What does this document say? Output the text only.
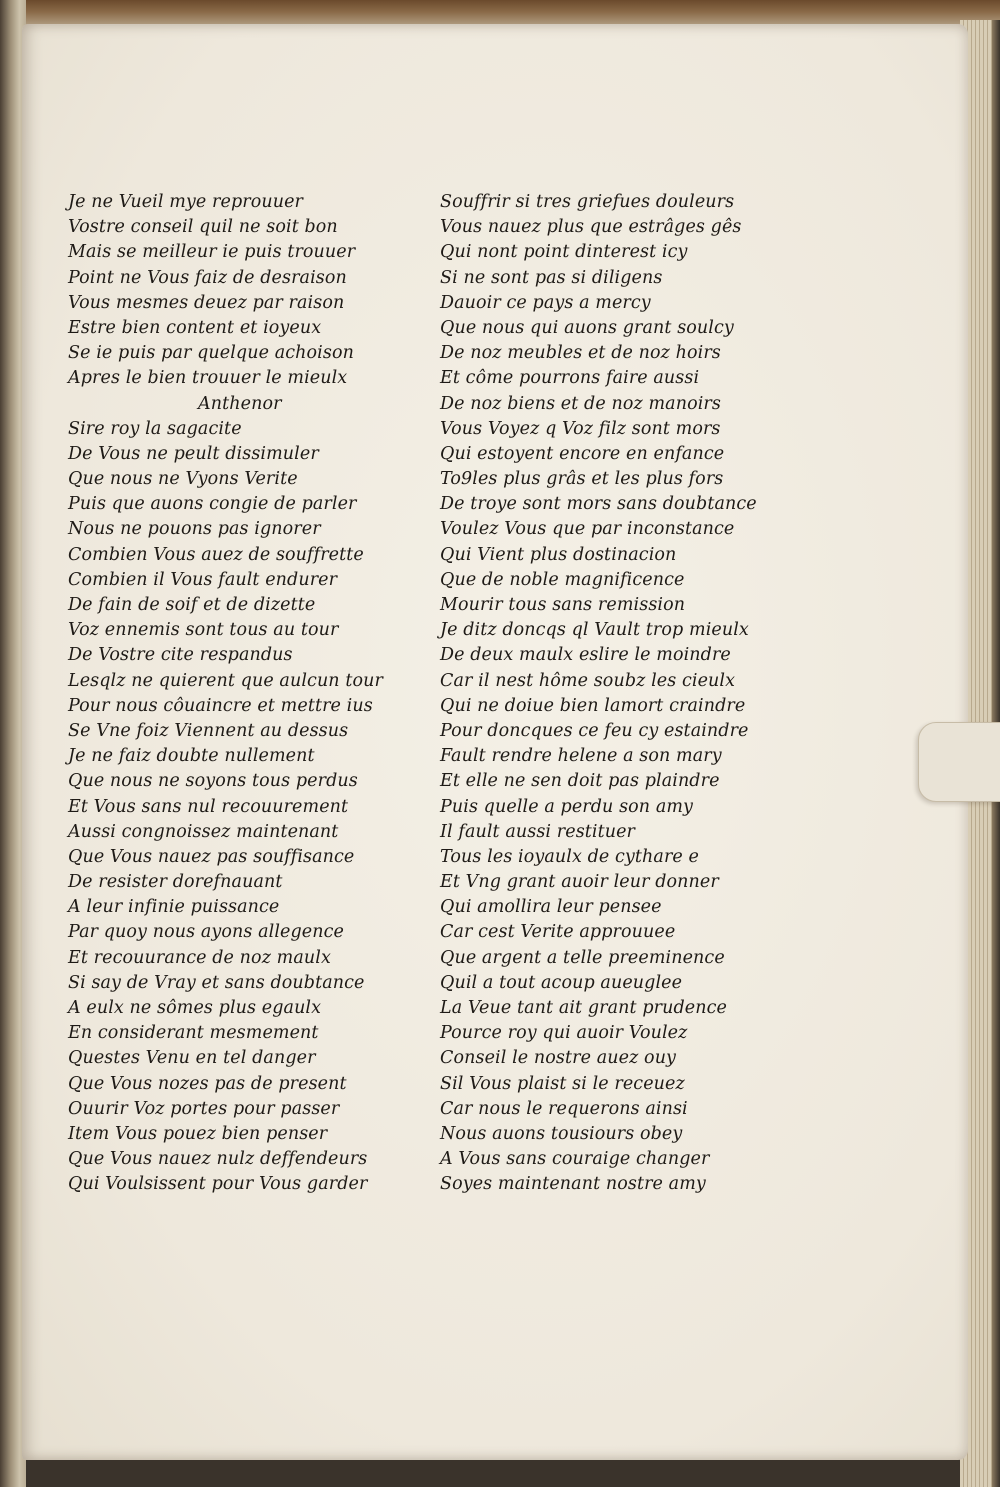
Je ne Vueil mye reprouuer
Vostre conseil quil ne soit bon
Mais se meilleur ie puis trouuer
Point ne Vous faiz de desraison
Vous mesmes deuez par raison
Estre bien content et ioyeux
Se ie puis par quelque achoison
Apres le bien trouuer le mieulx
Anthenor
Sire roy la sagacite
De Vous ne peult dissimuler
Que nous ne Vyons Verite
Puis que auons congie de parler
Nous ne pouons pas ignorer
Combien Vous auez de souffrette
Combien il Vous fault endurer
De fain de soif et de dizette
Voz ennemis sont tous au tour
De Vostre cite respandus
Lesqlz ne quierent que aulcun tour
Pour nous côuaincre et mettre ius
Se Vne foiz Viennent au dessus
Je ne faiz doubte nullement
Que nous ne soyons tous perdus
Et Vous sans nul recouurement
Aussi congnoissez maintenant
Que Vous nauez pas souffisance
De resister dorefnauant
A leur infinie puissance
Par quoy nous ayons allegence
Et recouurance de noz maulx
Si say de Vray et sans doubtance
A eulx ne sômes plus egaulx
En considerant mesmement
Questes Venu en tel danger
Que Vous nozes pas de present
Ouurir Voz portes pour passer
Item Vous pouez bien penser
Que Vous nauez nulz deffendeurs
Qui Voulsissent pour Vous garder
Souffrir si tres griefues douleurs
Vous nauez plus que estrâges gês
Qui nont point dinterest icy
Si ne sont pas si diligens
Dauoir ce pays a mercy
Que nous qui auons grant soulcy
De noz meubles et de noz hoirs
Et côme pourrons faire aussi
De noz biens et de noz manoirs
Vous Voyez q Voz filz sont mors
Qui estoyent encore en enfance
To9les plus grâs et les plus fors
De troye sont mors sans doubtance
Voulez Vous que par inconstance
Qui Vient plus dostinacion
Que de noble magnificence
Mourir tous sans remission
Je ditz doncqs ql Vault trop mieulx
De deux maulx eslire le moindre
Car il nest hôme soubz les cieulx
Qui ne doiue bien lamort craindre
Pour doncques ce feu cy estaindre
Fault rendre helene a son mary
Et elle ne sen doit pas plaindre
Puis quelle a perdu son amy
Il fault aussi restituer
Tous les ioyaulx de cythare e
Et Vng grant auoir leur donner
Qui amollira leur pensee
Car cest Verite approuuee
Que argent a telle preeminence
Quil a tout acoup aueuglee
La Veue tant ait grant prudence
Pource roy qui auoir Voulez
Conseil le nostre auez ouy
Sil Vous plaist si le receuez
Car nous le requerons ainsi
Nous auons tousiours obey
A Vous sans couraige changer
Soyes maintenant nostre amy
